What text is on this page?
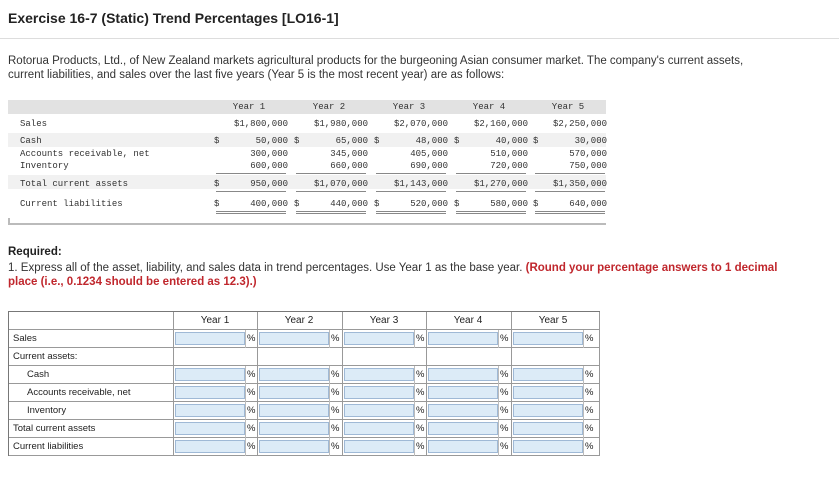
Exercise 16-7 (Static) Trend Percentages [LO16-1]
Rotorua Products, Ltd., of New Zealand markets agricultural products for the burgeoning Asian consumer market. The company's current assets, current liabilities, and sales over the last five years (Year 5 is the most recent year) are as follows:
Year 1	Year 2	Year 3	Year 4	Year 5
Sales	$1,800,000	$1,980,000	$2,070,000	$2,160,000	$2,250,000
Cash	$	50,000 $	65,000 $	48,000 $	40,000 $	30,000
Accounts receivable, net	300,000	345,000	405,000	510,000	570,000
Inventory	600,000	660,000	690,000	720,000	750,000
Total current assets	$	950,000	$1,070,000	$1,143,000	$1,270,000	$1,350,000
Current liabilities	$	400,000 $	440,000 $	520,000 $	580,000 $	640,000
Required:
1. Express all of the asset, liability, and sales data in trend percentages. Use Year 1 as the base year. (Round your percentage answers to 1 decimal place (i.e., 0.1234 should be entered as 12.3).)
Year 1	Year 2	Year 3	Year 4	Year 5
Sales	%	%	%	%	%
Current assets:
Cash	%	%	%	%	%
Accounts receivable, net	%	%	%	%	%
Inventory	%	%	%	%	%
Total current assets	%	%	%	%	%
Current liabilities	%	%	%	%	%
